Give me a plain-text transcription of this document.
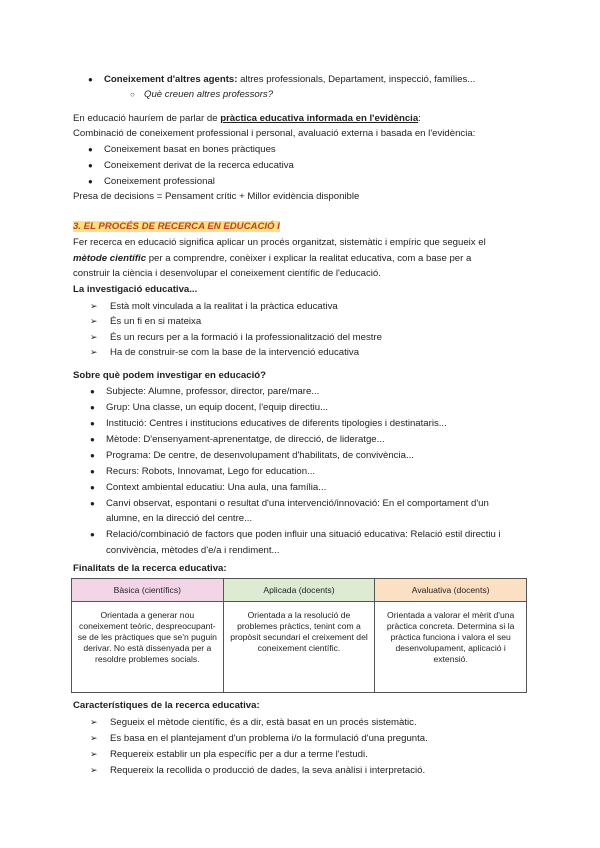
● Coneixement d'altres agents: altres professionals, Departament, inspecció, famílies...
○ Què creuen altres professors?
En educació hauríem de parlar de pràctica educativa informada en l'evidència:
Combinació de coneixement professional i personal, avaluació externa i basada en l'evidència:
● Coneixement basat en bones pràctiques
● Coneixement derivat de la recerca educativa
● Coneixement professional
Presa de decisions = Pensament crític + Millor evidència disponible
3. EL PROCÉS DE RECERCA EN EDUCACIÓ I
Fer recerca en educació significa aplicar un procés organitzat, sistemàtic i empíric que segueix el
mètode científic per a comprendre, conèixer i explicar la realitat educativa, com a base per a
construir la ciència i desenvolupar el coneixement científic de l'educació.
La investigació educativa...
➢ Està molt vinculada a la realitat i la pràctica educativa
➢ És un fi en si mateixa
➢ És un recurs per a la formació i la professionalització del mestre
➢ Ha de construir-se com la base de la intervenció educativa
Sobre què podem investigar en educació?
● Subjecte: Alumne, professor, director, pare/mare...
● Grup: Una classe, un equip docent, l'equip directiu...
● Institució: Centres i institucions educatives de diferents tipologies i destinataris...
● Mètode: D'ensenyament-aprenentatge, de direcció, de lideratge...
● Programa: De centre, de desenvolupament d'habilitats, de convivència...
● Recurs: Robots, Innovamat, Lego for education...
● Context ambiental educatiu: Una aula, una família...
● Canvi observat, espontani o resultat d'una intervenció/innovació: En el comportament d'un
alumne, en la direcció del centre...
● Relació/combinació de factors que poden influir una situació educativa: Relació estil directiu i
convivència, mètodes d'e/a i rendiment...
Finalitats de la recerca educativa:
Bàsica (científics)	Aplicada (docents)	Avaluativa (docents)
Orientada a generar nou coneixement teòric, despreocupant-se de les pràctiques que se'n puguin derivar. No està dissenyada per a resoldre problemes socials.	Orientada a la resolució de problemes pràctics, tenint com a propòsit secundari el creixement del coneixement científic.	Orientada a valorar el mèrit d'una pràctica concreta. Determina si la pràctica funciona i valora el seu desenvolupament, aplicació i extensió.
Característiques de la recerca educativa:
➢ Segueix el mètode científic, és a dir, està basat en un procés sistemàtic.
➢ Es basa en el plantejament d'un problema i/o la formulació d'una pregunta.
➢ Requereix establir un pla específic per a dur a terme l'estudi.
➢ Requereix la recollida o producció de dades, la seva anàlisi i interpretació.
